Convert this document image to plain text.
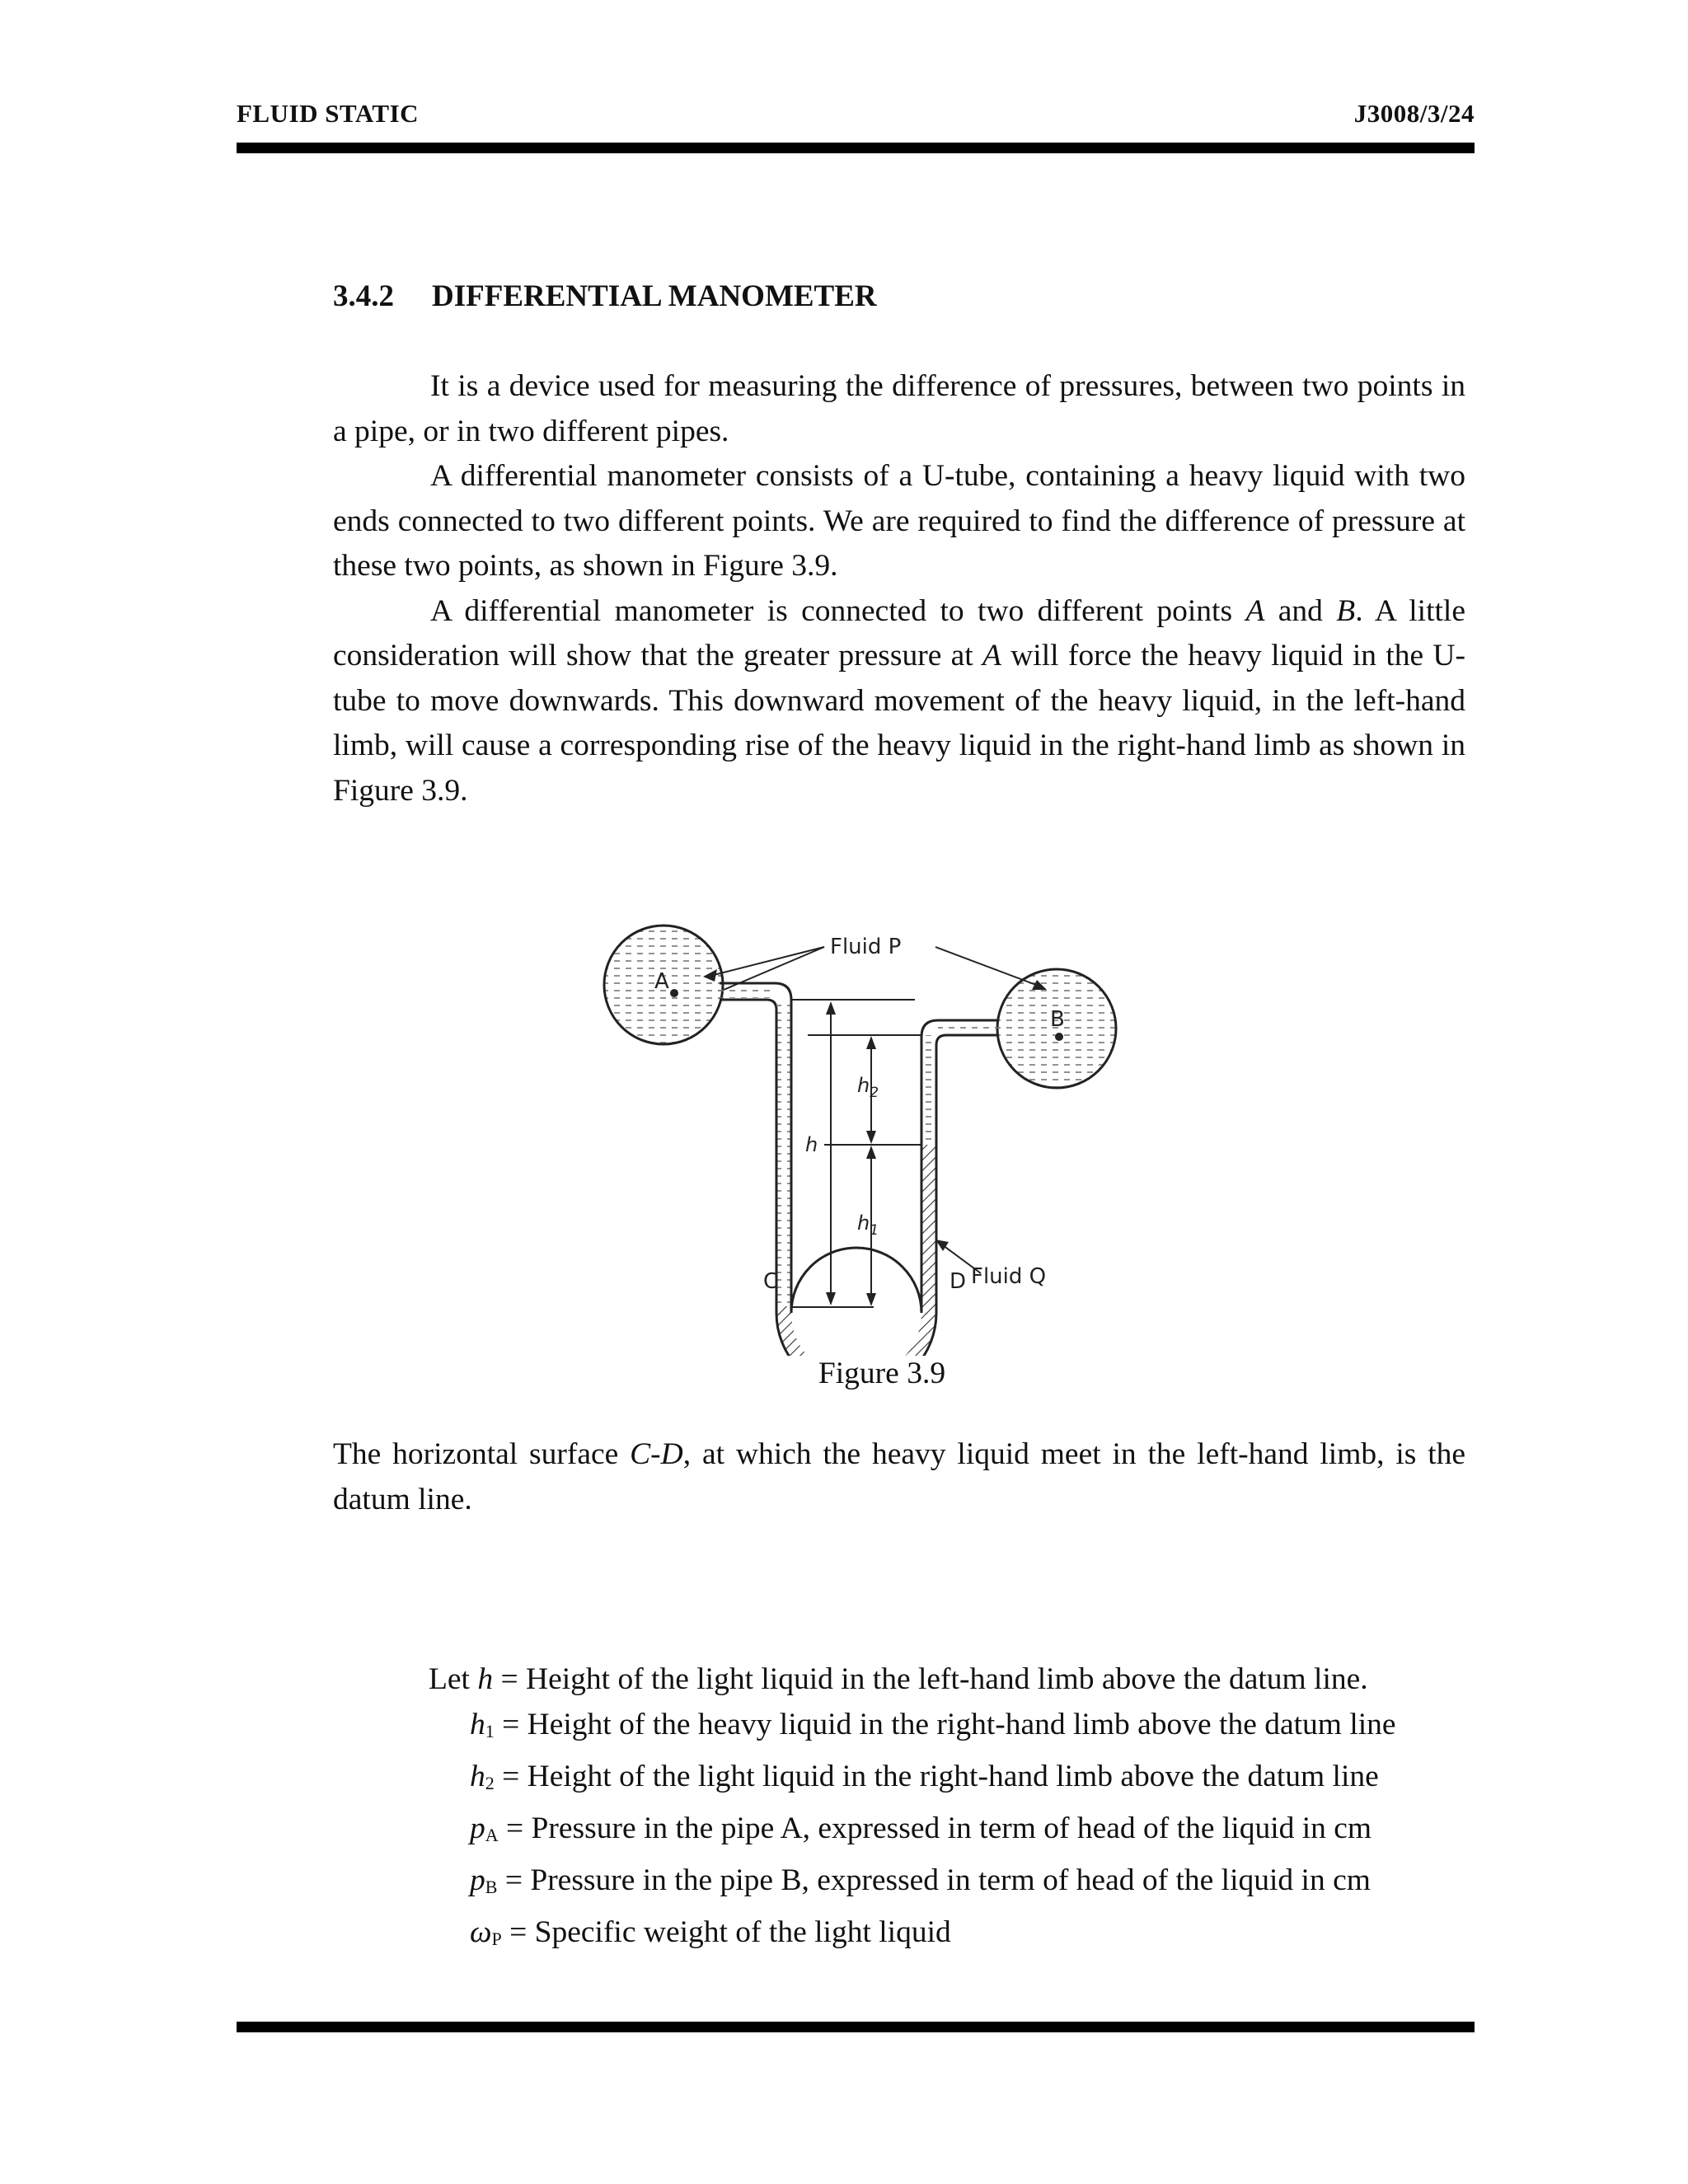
FLUID STATIC	J3008/3/24
3.4.2 DIFFERENTIAL MANOMETER

It is a device used for measuring the difference of pressures, between two points in a pipe, or in two different pipes.

A differential manometer consists of a U-tube, containing a heavy liquid with two ends connected to two different points. We are required to find the difference of pressure at these two points, as shown in Figure 3.9.

A differential manometer is connected to two different points A and B. A little consideration will show that the greater pressure at A will force the heavy liquid in the U-tube to move downwards. This downward movement of the heavy liquid, in the left-hand limb, will cause a corresponding rise of the heavy liquid in the right-hand limb as shown in Figure 3.9.

Fluid P
A
B
C	D Fluid Q
h
$h_2$
$h_1$
Figure 3.9

The horizontal surface C-D, at which the heavy liquid meet in the left-hand limb, is the datum line.

Let h = Height of the light liquid in the left-hand limb above the datum line.
$h_1$ = Height of the heavy liquid in the right-hand limb above the datum line
$h_2$ = Height of the light liquid in the right-hand limb above the datum line
$p_A$ = Pressure in the pipe A, expressed in term of head of the liquid in cm
$p_B$ = Pressure in the pipe B, expressed in term of head of the liquid in cm
$\omega_P$ = Specific weight of the light liquid
